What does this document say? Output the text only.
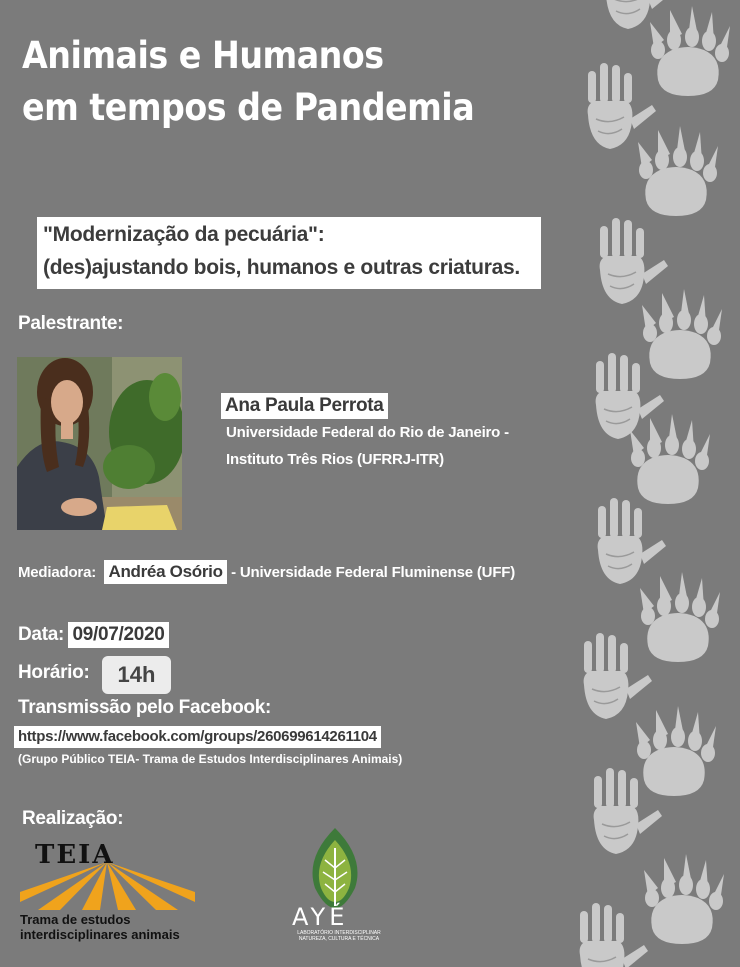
Animais e Humanos
em tempos de Pandemia
"Modernização da pecuária":
(des)ajustando bois, humanos e outras criaturas.
Palestrante:
Ana Paula Perrota
Universidade Federal do Rio de Janeiro -
Instituto Três Rios (UFRRJ-ITR)
Mediadora: Andréa Osório - Universidade Federal Fluminense (UFF)
Data: 09/07/2020
Horário:	14h
Transmissão pelo Facebook:
https://www.facebook.com/groups/260699614261104
(Grupo Público TEIA- Trama de Estudos Interdisciplinares Animais)
Realização:
TEIA
Trama de estudos
interdisciplinares animais
AYÉ
LABORATÓRIO INTERDISCIPLINAR
NATUREZA, CULTURA E TÉCNICA
